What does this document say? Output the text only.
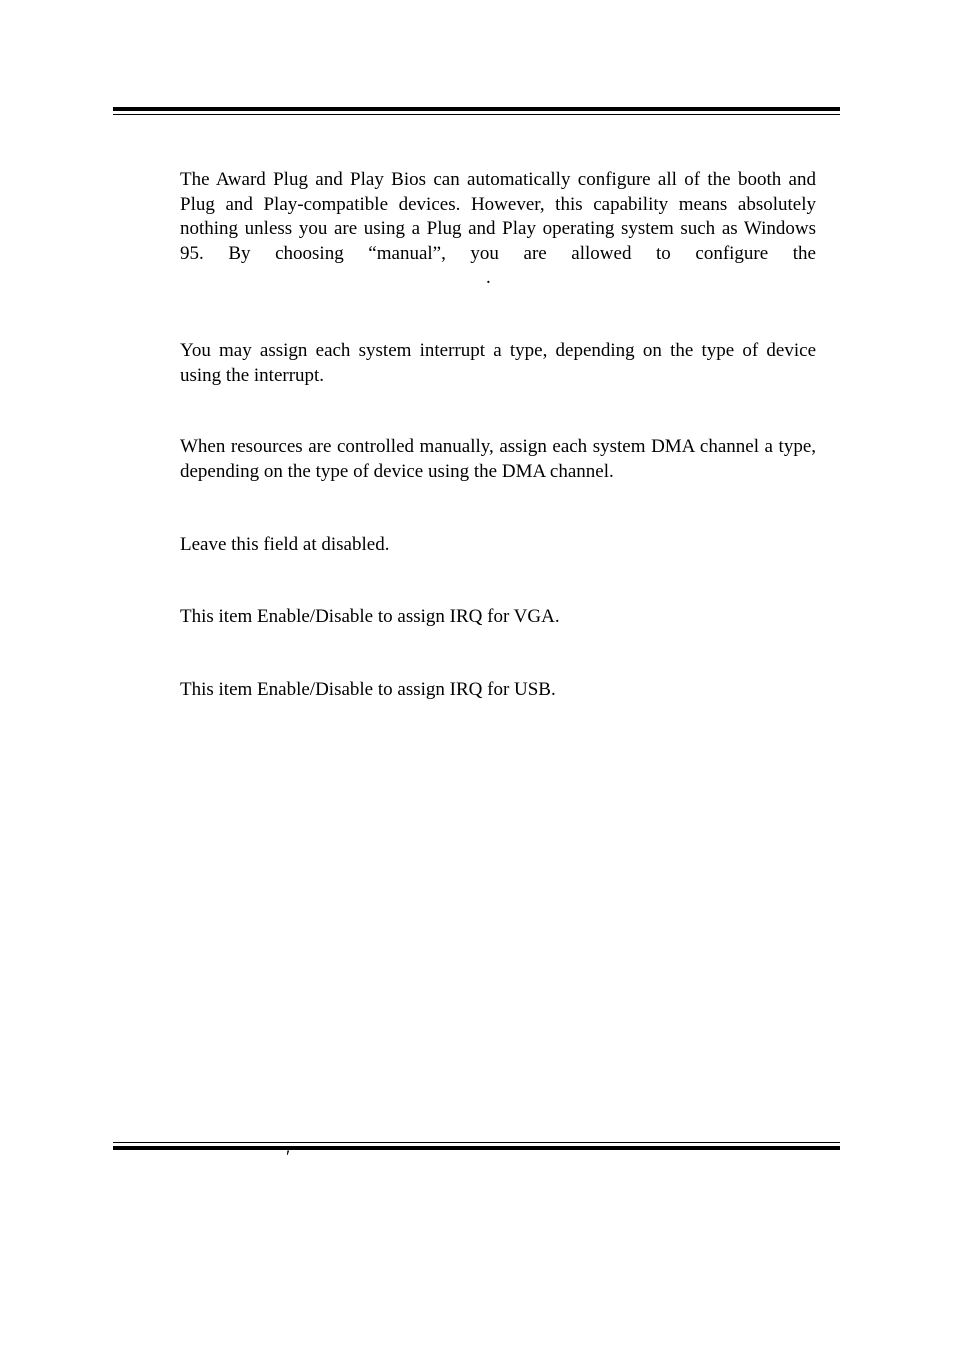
The Award Plug and Play Bios can automatically configure all of the booth and Plug and Play-compatible devices. However, this capability means absolutely nothing unless you are using a Plug and Play operating system such as Windows 95. By choosing “manual”, you are allowed to configure the.

You may assign each system interrupt a type, depending on the type of device using the interrupt.

When resources are controlled manually, assign each system DMA channel a type, depending on the type of device using the DMA channel.

Leave this field at disabled.

This item Enable/Disable to assign IRQ for VGA.

This item Enable/Disable to assign IRQ for USB.

′
